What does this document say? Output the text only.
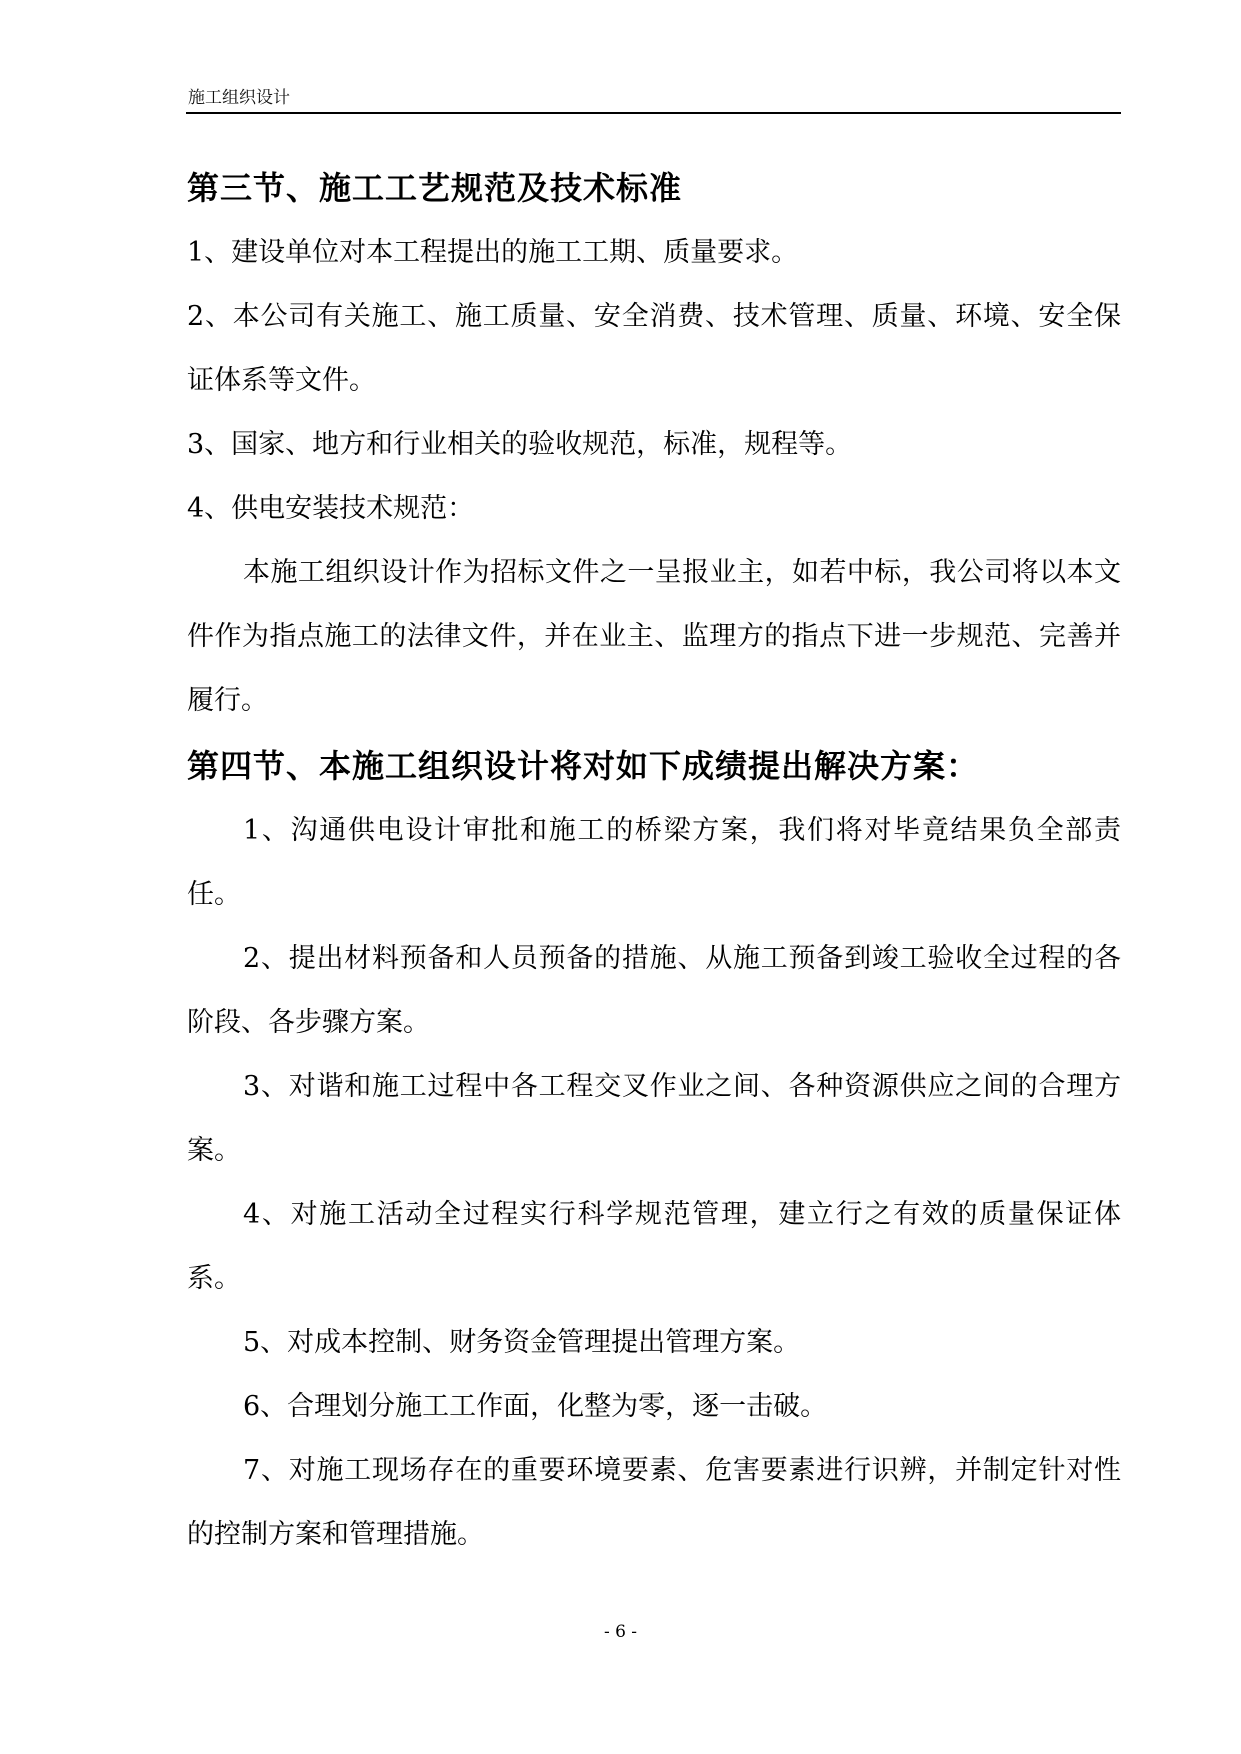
施工组织设计
第三节、施工工艺规范及技术标准

1、建设单位对本工程提出的施工工期、质量要求。

2、本公司有关施工、施工质量、安全消费、技术管理、质量、环境、安全保证体系等文件。

3、国家、地方和行业相关的验收规范，标准，规程等。

4、供电安装技术规范：

本施工组织设计作为招标文件之一呈报业主，如若中标，我公司将以本文件作为指点施工的法律文件，并在业主、监理方的指点下进一步规范、完善并履行。

第四节、本施工组织设计将对如下成绩提出解决方案：

1、沟通供电设计审批和施工的桥梁方案，我们将对毕竟结果负全部责任。

2、提出材料预备和人员预备的措施、从施工预备到竣工验收全过程的各阶段、各步骤方案。

3、对谐和施工过程中各工程交叉作业之间、各种资源供应之间的合理方案。

4、对施工活动全过程实行科学规范管理，建立行之有效的质量保证体系。

5、对成本控制、财务资金管理提出管理方案。

6、合理划分施工工作面，化整为零，逐一击破。

7、对施工现场存在的重要环境要素、危害要素进行识辨，并制定针对性的控制方案和管理措施。

- 6 -
